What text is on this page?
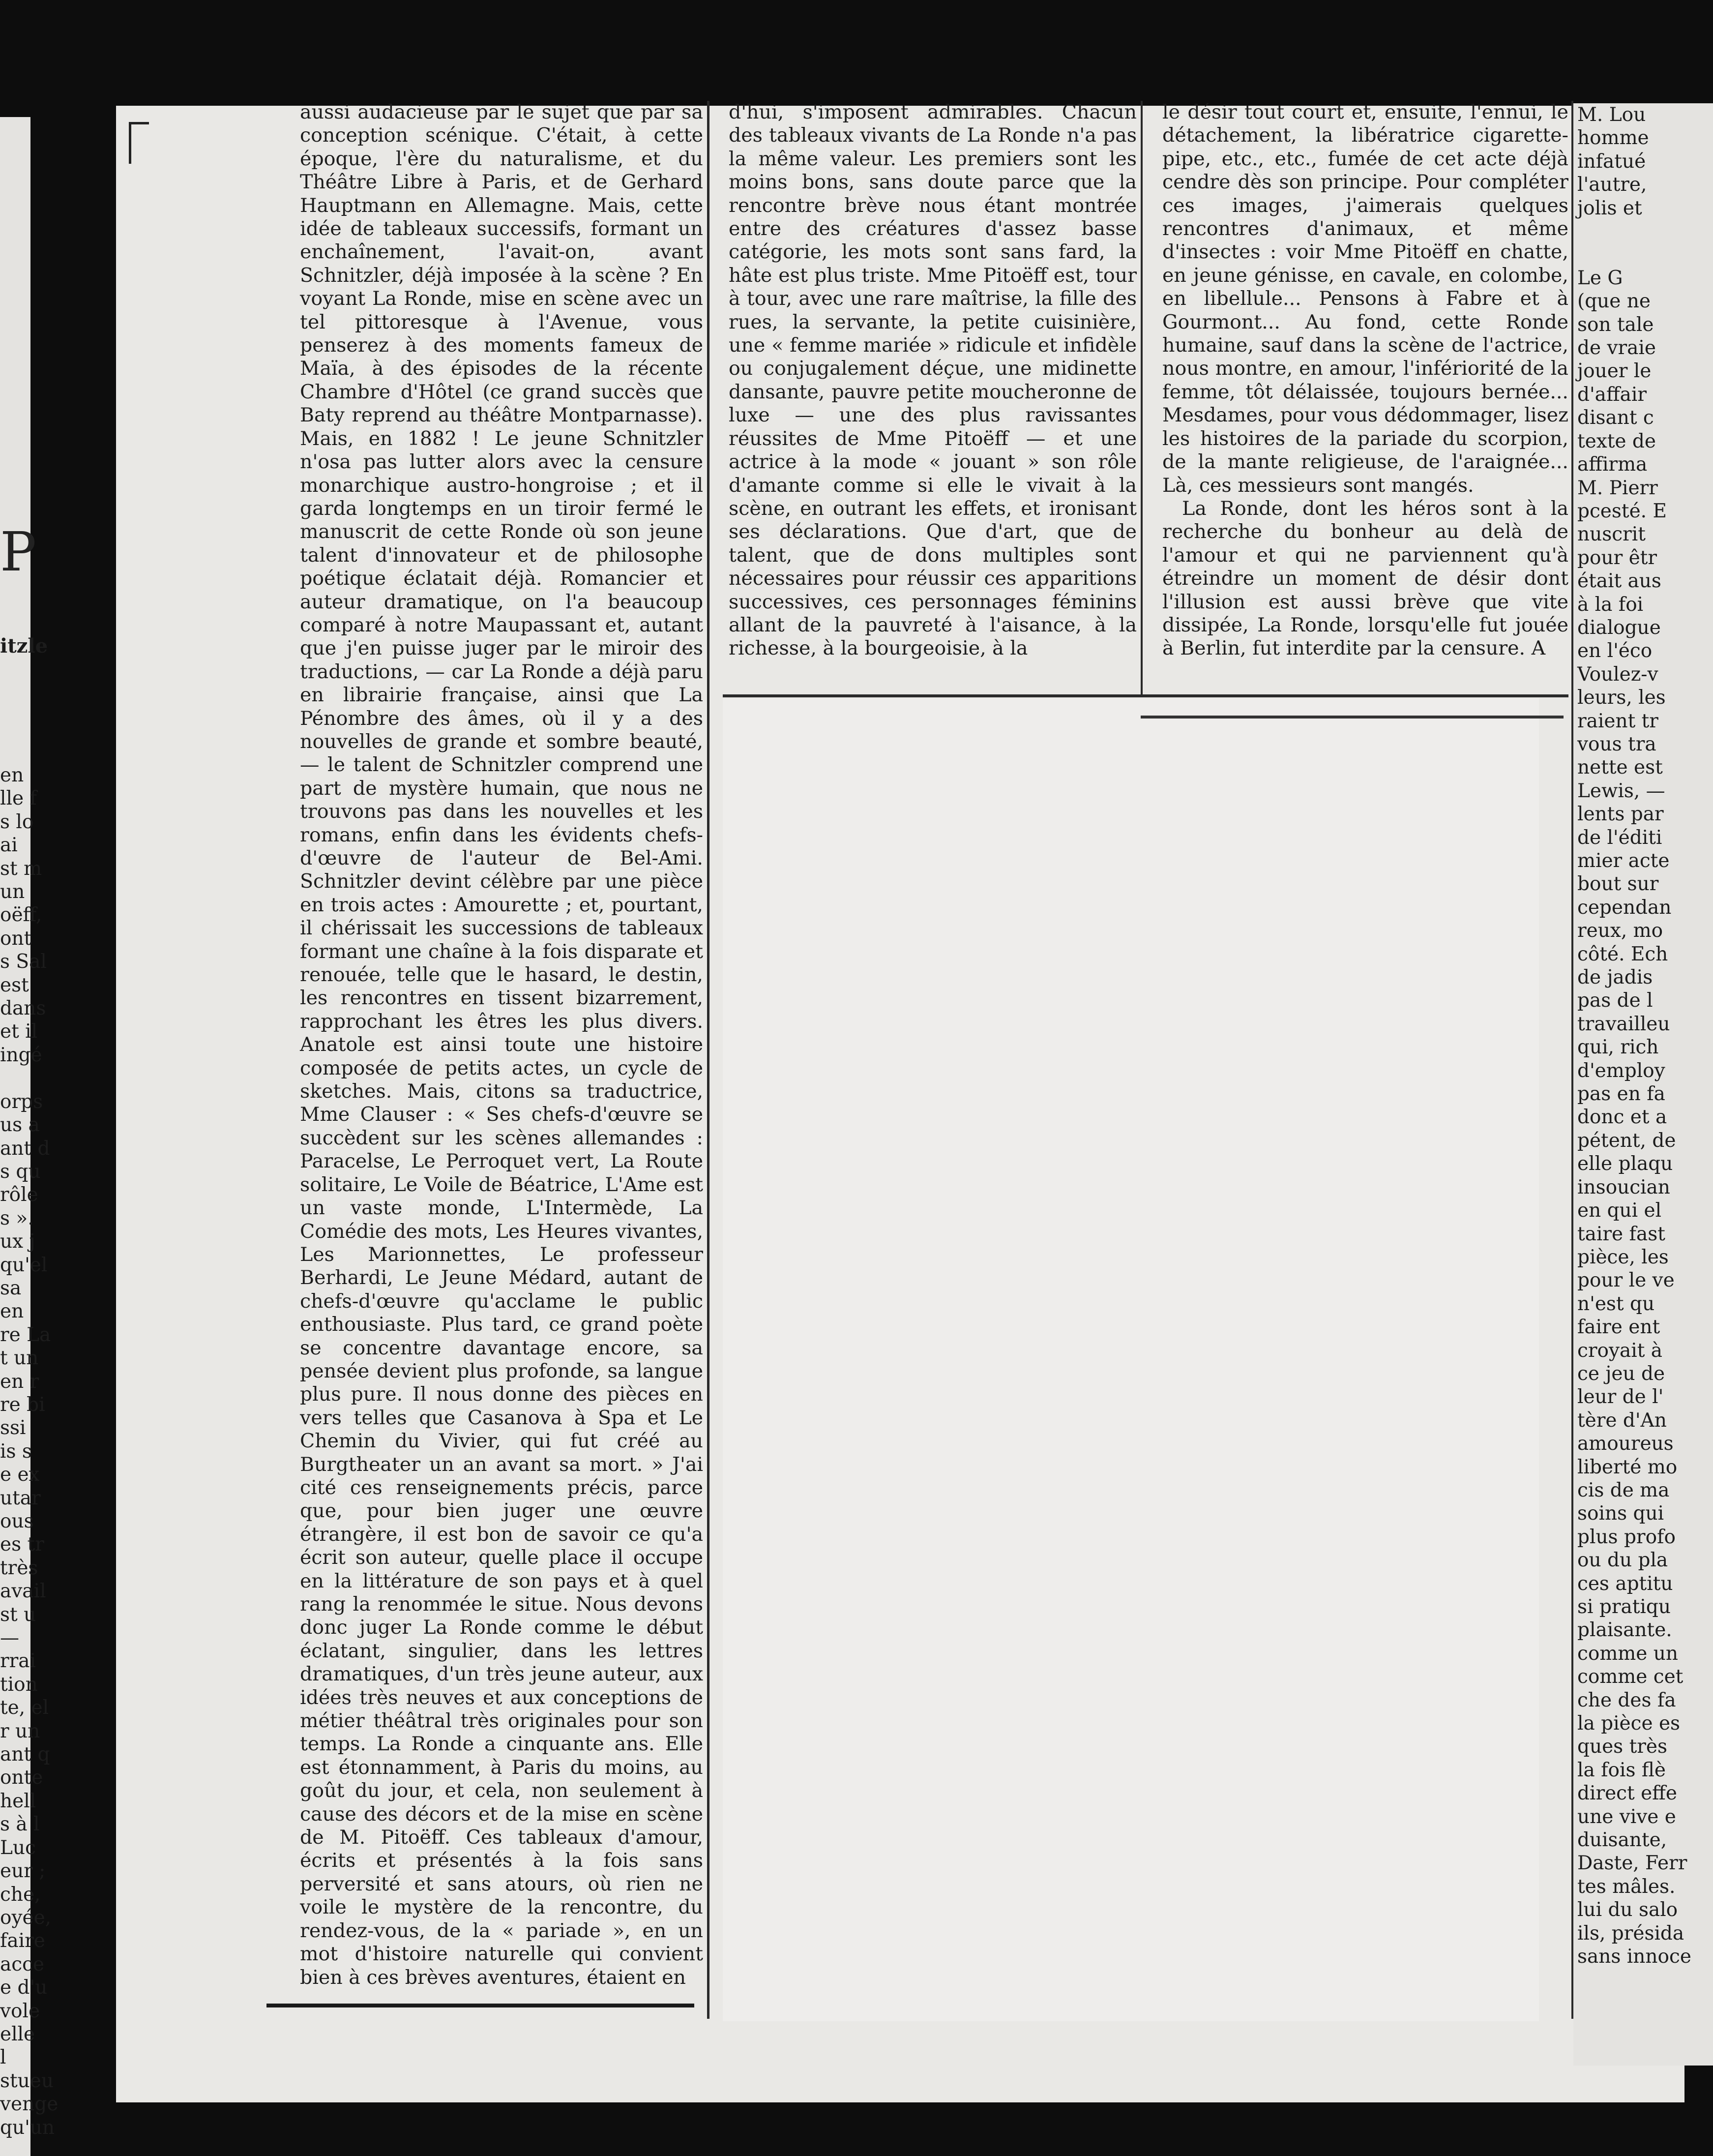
P
itzle
en
lle f
s lo
ai
st m
un
oëff,
ont
s Sal
est
dans
et il
ingé

orps
us a
ant d
s qu
rôle
s ».
ux j
qu'el
sa
en
re La
t un
en r
re bi
ssi
is s
e ex
utar
ous
es tr
très
avail
st u
—
rrai
tion
te, el
r un
ant q
onte
hell
s à l
Luc
eur ;
che,
oyée,
faire
acce
e d'u
vole
elle
l
stueu
venge
qu'un

aussi audacieuse par le sujet que par sa conception scénique. C'était, à cette époque, l'ère du naturalisme, et du Théâtre Libre à Paris, et de Gerhard Hauptmann en Allemagne. Mais, cette idée de tableaux successifs, formant un enchaînement, l'avait-on, avant Schnitzler, déjà imposée à la scène ? En voyant La Ronde, mise en scène avec un tel pittoresque à l'Avenue, vous penserez à des moments fameux de Maïa, à des épisodes de la récente Chambre d'Hôtel (ce grand succès que Baty reprend au théâtre Montparnasse). Mais, en 1882 ! Le jeune Schnitzler n'osa pas lutter alors avec la censure monarchique austro-hongroise ; et il garda longtemps en un tiroir fermé le manuscrit de cette Ronde où son jeune talent d'innovateur et de philosophe poétique éclatait déjà. Romancier et auteur dramatique, on l'a beaucoup comparé à notre Maupassant et, autant que j'en puisse juger par le miroir des traductions, — car La Ronde a déjà paru en librairie française, ainsi que La Pénombre des âmes, où il y a des nouvelles de grande et sombre beauté, — le talent de Schnitzler comprend une part de mystère humain, que nous ne trouvons pas dans les nouvelles et les romans, enfin dans les évidents chefs-d'œuvre de l'auteur de Bel-Ami. Schnitzler devint célèbre par une pièce en trois actes : Amourette ; et, pourtant, il chérissait les successions de tableaux formant une chaîne à la fois disparate et renouée, telle que le hasard, le destin, les rencontres en tissent bizarrement, rapprochant les êtres les plus divers. Anatole est ainsi toute une histoire composée de petits actes, un cycle de sketches. Mais, citons sa traductrice, Mme Clauser : « Ses chefs-d'œuvre se succèdent sur les scènes allemandes : Paracelse, Le Perroquet vert, La Route solitaire, Le Voile de Béatrice, L'Ame est un vaste monde, L'Intermède, La Comédie des mots, Les Heures vivantes, Les Marionnettes, Le professeur Berhardi, Le Jeune Médard, autant de chefs-d'œuvre qu'acclame le public enthousiaste. Plus tard, ce grand poète se concentre davantage encore, sa pensée devient plus profonde, sa langue plus pure. Il nous donne des pièces en vers telles que Casanova à Spa et Le Chemin du Vivier, qui fut créé au Burgtheater un an avant sa mort. » J'ai cité ces renseignements précis, parce que, pour bien juger une œuvre étrangère, il est bon de savoir ce qu'a écrit son auteur, quelle place il occupe en la littérature de son pays et à quel rang la renommée le situe. Nous devons donc juger La Ronde comme le début éclatant, singulier, dans les lettres dramatiques, d'un très jeune auteur, aux idées très neuves et aux conceptions de métier théâtral très originales pour son temps. La Ronde a cinquante ans. Elle est étonnamment, à Paris du moins, au goût du jour, et cela, non seulement à cause des décors et de la mise en scène de M. Pitoëff. Ces tableaux d'amour, écrits et présentés à la fois sans perversité et sans atours, où rien ne voile le mystère de la rencontre, du rendez-vous, de la « pariade », en un mot d'histoire naturelle qui convient bien à ces brèves aventures, étaient en

d'hui, s'imposent admirables. Chacun des tableaux vivants de La Ronde n'a pas la même valeur. Les premiers sont les moins bons, sans doute parce que la rencontre brève nous étant montrée entre des créatures d'assez basse catégorie, les mots sont sans fard, la hâte est plus triste. Mme Pitoëff est, tour à tour, avec une rare maîtrise, la fille des rues, la servante, la petite cuisinière, une « femme mariée » ridicule et infidèle ou conjugalement déçue, une midinette dansante, pauvre petite moucheronne de luxe — une des plus ravissantes réussites de Mme Pitoëff — et une actrice à la mode « jouant » son rôle d'amante comme si elle le vivait à la scène, en outrant les effets, et ironisant ses déclarations. Que d'art, que de talent, que de dons multiples sont nécessaires pour réussir ces apparitions successives, ces personnages féminins allant de la pauvreté à l'aisance, à la richesse, à la bourgeoisie, à la

le désir tout court et, ensuite, l'ennui, le détachement, la libératrice cigarette-pipe, etc., etc., fumée de cet acte déjà cendre dès son principe. Pour compléter ces images, j'aimerais quelques rencontres d'animaux, et même d'insectes : voir Mme Pitoëff en chatte, en jeune génisse, en cavale, en colombe, en libellule... Pensons à Fabre et à Gourmont... Au fond, cette Ronde humaine, sauf dans la scène de l'actrice, nous montre, en amour, l'infériorité de la femme, tôt délaissée, toujours bernée... Mesdames, pour vous dédommager, lisez les histoires de la pariade du scorpion, de la mante religieuse, de l'araignée... Là, ces messieurs sont mangés.

La Ronde, dont les héros sont à la recherche du bonheur au delà de l'amour et qui ne parviennent qu'à étreindre un moment de désir dont l'illusion est aussi brève que vite dissipée, La Ronde, lorsqu'elle fut jouée à Berlin, fut interdite par la censure. A

M. Lou
homme
infatué
l'autre,
jolis et

Le G
(que ne
son tale
de vraie
jouer le
d'affair
disant c
texte de
affirma
M. Pierr
pcesté. E
nuscrit
pour êtr
était aus
à la foi
dialogue
en l'éco
Voulez-v
leurs, les
raient tr
vous tra
nette est
Lewis, —
lents par
de l'éditi
mier acte
bout sur
cependan
reux, mo
côté. Ech
de jadis
pas de l
travailleu
qui, rich
d'employ
pas en fa
donc et a
pétent, de
elle plaqu
insoucian
en qui el
taire fast
pièce, les
pour le ve
n'est qu
faire ent
croyait à
ce jeu de
leur de l'
tère d'An
amoureus
liberté mo
cis de ma
soins qui
plus profo
ou du pla
ces aptitu
si pratiqu
plaisante.
comme un
comme cet
che des fa
la pièce es
ques très
la fois flè
direct effe
une vive e
duisante,
Daste, Ferr
tes mâles.
lui du salo
ils, présida
sans innoce
